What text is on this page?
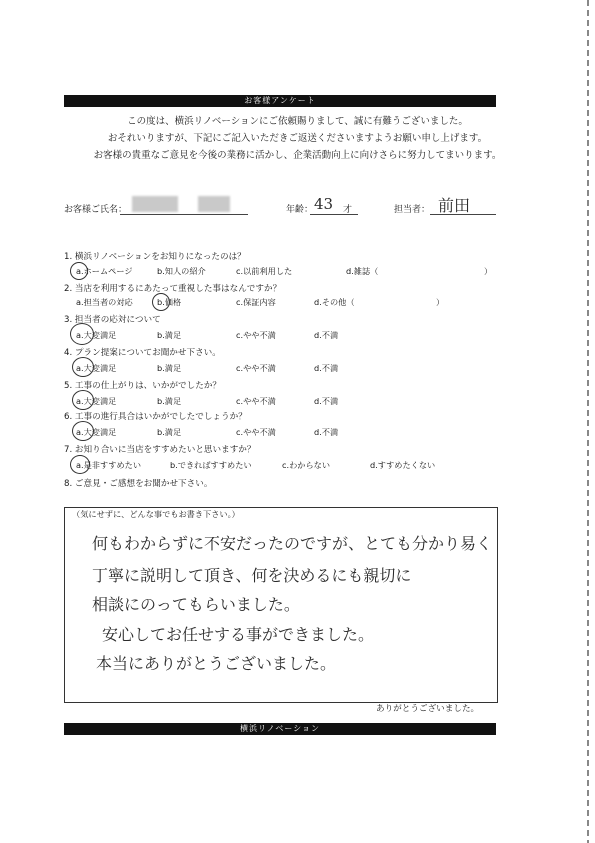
お客様アンケート
この度は、横浜リノベーションにご依頼賜りまして、誠に有難うございました。
おそれいりますが、下記にご記入いただきご返送くださいますようお願い申し上げます。
お客様の貴重なご意見を今後の業務に活かし、企業活動向上に向けさらに努力してまいります。
お客様ご氏名：	年齢： 43 才	担当者： 前田
1. 横浜リノベーションをお知りになったのは？
a.ホームページ	b.知人の紹介	c.以前利用した	d.雑誌（	）
2. 当店を利用するにあたって重視した事はなんですか？
a.担当者の対応	b.価格	c.保証内容	d.その他（	）
3. 担当者の応対について
a.大変満足	b.満足	c.やや不満	d.不満
4. プラン提案についてお聞かせ下さい。
a.大変満足	b.満足	c.やや不満	d.不満
5. 工事の仕上がりは、いかがでしたか？
a.大変満足	b.満足	c.やや不満	d.不満
6. 工事の進行具合はいかがでしたでしょうか？
a.大変満足	b.満足	c.やや不満	d.不満
7. お知り合いに当店をすすめたいと思いますか？
a.是非すすめたい	b.できればすすめたい	c.わからない	d.すすめたくない
8. ご意見・ご感想をお聞かせ下さい。
（気にせずに、どんな事でもお書き下さい。）
何もわからずに不安だったのですが、とても分かり易く
丁寧に説明して頂き、何を決めるにも親切に
相談にのってもらいました。
安心してお任せする事ができました。
本当にありがとうございました。
ありがとうございました。
横浜リノベーション
